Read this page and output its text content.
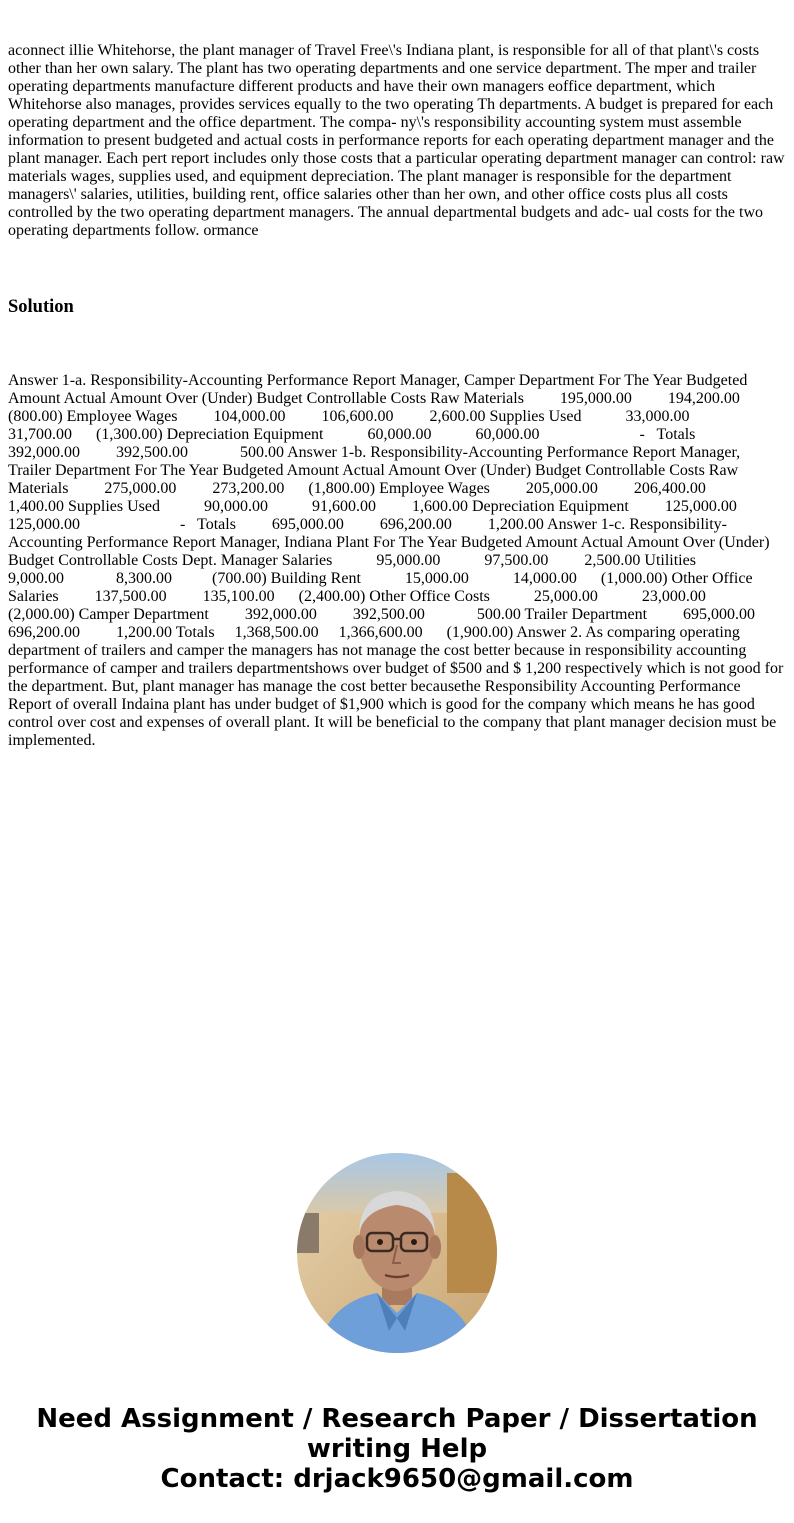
aconnect illie Whitehorse, the plant manager of Travel Free\'s Indiana plant, is responsible for all of that plant\'s costs other than her own salary. The plant has two operating departments and one service department. The mper and trailer operating departments manufacture different products and have their own managers eoffice department, which Whitehorse also manages, provides services equally to the two operating Th departments. A budget is prepared for each operating department and the office department. The compa- ny\'s responsibility accounting system must assemble information to present budgeted and actual costs in performance reports for each operating department manager and the plant manager. Each pert report includes only those costs that a particular operating department manager can control: raw materials wages, supplies used, and equipment depreciation. The plant manager is responsible for the department managers\' salaries, utilities, building rent, office salaries other than her own, and other office costs plus all costs controlled by the two operating department managers. The annual departmental budgets and adc- ual costs for the two operating departments follow. ormance

Solution

Answer 1-a. Responsibility-Accounting Performance Report Manager, Camper Department For The Year Budgeted Amount Actual Amount Over (Under) Budget Controllable Costs Raw Materials         195,000.00         194,200.00         (800.00) Employee Wages         104,000.00         106,600.00         2,600.00 Supplies Used           33,000.00           31,700.00      (1,300.00) Depreciation Equipment           60,000.00           60,000.00                         -   Totals         392,000.00         392,500.00             500.00 Answer 1-b. Responsibility-Accounting Performance Report Manager, Trailer Department For The Year Budgeted Amount Actual Amount Over (Under) Budget Controllable Costs Raw Materials         275,000.00         273,200.00      (1,800.00) Employee Wages         205,000.00         206,400.00         1,400.00 Supplies Used           90,000.00           91,600.00         1,600.00 Depreciation Equipment         125,000.00         125,000.00                         -   Totals         695,000.00         696,200.00         1,200.00 Answer 1-c. Responsibility-Accounting Performance Report Manager, Indiana Plant For The Year Budgeted Amount Actual Amount Over (Under) Budget Controllable Costs Dept. Manager Salaries           95,000.00           97,500.00         2,500.00 Utilities             9,000.00             8,300.00          (700.00) Building Rent           15,000.00           14,000.00      (1,000.00) Other Office Salaries         137,500.00         135,100.00      (2,400.00) Other Office Costs           25,000.00           23,000.00      (2,000.00) Camper Department         392,000.00         392,500.00             500.00 Trailer Department         695,000.00         696,200.00         1,200.00 Totals     1,368,500.00     1,366,600.00      (1,900.00) Answer 2. As comparing operating department of trailers and camper the managers has not manage the cost better because in responsibility accounting performance of camper and trailers departmentshows over budget of $500 and $ 1,200 respectively which is not good for the department. But, plant manager has manage the cost better becausethe Responsibility Accounting Performance Report of overall Indaina plant has under budget of $1,900 which is good for the company which means he has good control over cost and expenses of overall plant. It will be beneficial to the company that plant manager decision must be implemented.

Need Assignment / Research Paper / Dissertation
writing Help
Contact: drjack9650@gmail.com
